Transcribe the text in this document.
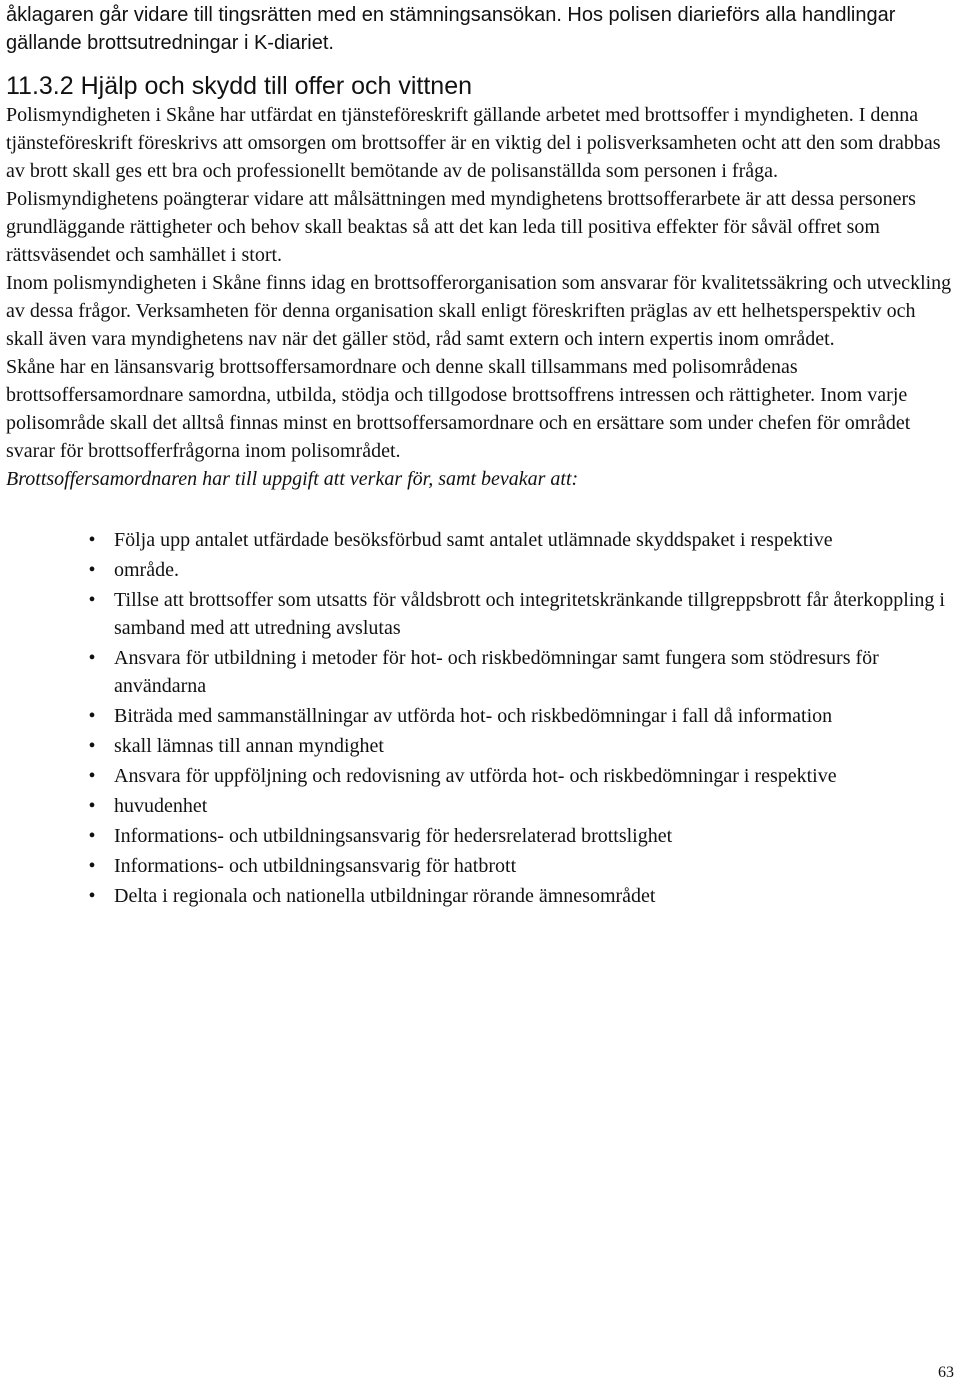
åklagaren går vidare till tingsrätten med en stämningsansökan. Hos polisen diarieförs alla handlingar gällande brottsutredningar i K-diariet.

11.3.2 Hjälp och skydd till offer och vittnen

Polismyndigheten i Skåne har utfärdat en tjänsteföreskrift gällande arbetet med brottsoffer i myndigheten. I denna tjänsteföreskrift föreskrivs att omsorgen om brottsoffer är en viktig del i polisverksamheten ocht att den som drabbas av brott skall ges ett bra och professionellt bemötande av de polisanställda som personen i fråga.

Polismyndighetens poängterar vidare att målsättningen med myndighetens brottsofferarbete är att dessa personers grundläggande rättigheter och behov skall beaktas så att det kan leda till positiva effekter för såväl offret som rättsväsendet och samhället i stort.

Inom polismyndigheten i Skåne finns idag en brottsofferorganisation som ansvarar för kvalitetssäkring och utveckling av dessa frågor. Verksamheten för denna organisation skall enligt föreskriften präglas av ett helhetsperspektiv och skall även vara myndighetens nav när det gäller stöd, råd samt extern och intern expertis inom området.

Skåne har en länsansvarig brottsoffersamordnare och denne skall tillsammans med polisområdenas brottsoffersamordnare samordna, utbilda, stödja och tillgodose brottsoffrens intressen och rättigheter. Inom varje polisområde skall det alltså finnas minst en brottsoffersamordnare och en ersättare som under chefen för området svarar för brottsofferfrågorna inom polisområdet.

Brottsoffersamordnaren har till uppgift att verkar för, samt bevakar att:

• Följa upp antalet utfärdade besöksförbud samt antalet utlämnade skyddspaket i respektive
• område.
• Tillse att brottsoffer som utsatts för våldsbrott och integritetskränkande tillgreppsbrott får återkoppling i samband med att utredning avslutas
• Ansvara för utbildning i metoder för hot- och riskbedömningar samt fungera som stödresurs för användarna
• Biträda med sammanställningar av utförda hot- och riskbedömningar i fall då information
• skall lämnas till annan myndighet
• Ansvara för uppföljning och redovisning av utförda hot- och riskbedömningar i respektive
• huvudenhet
• Informations- och utbildningsansvarig för hedersrelaterad brottslighet
• Informations- och utbildningsansvarig för hatbrott
• Delta i regionala och nationella utbildningar rörande ämnesområdet
63
